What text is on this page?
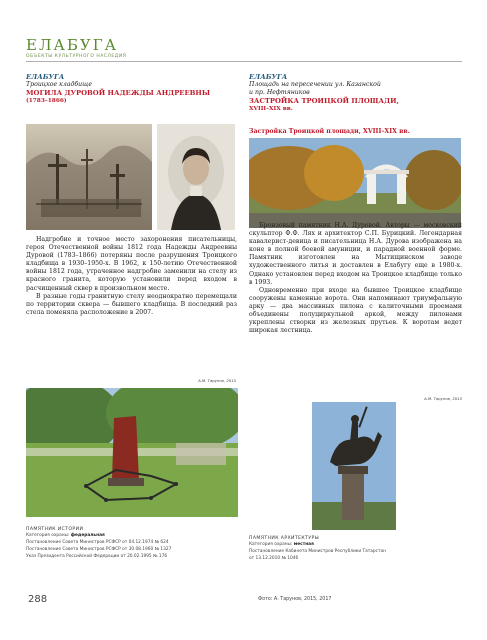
ЕЛАБУГА
ОБЪЕКТЫ КУЛЬТУРНОГО НАСЛЕДИЯ
ЕЛАБУГА
Троицкое кладбище
МОГИЛА ДУРОВОЙ НАДЕЖДЫ АНДРЕЕВНЫ
(1783–1866)
ЕЛАБУГА
Площадь на пересечении ул. Казанской
и пр. Нефтяников
ЗАСТРОЙКА ТРОИЦКОЙ ПЛОЩАДИ,
XVIII–XIX вв.
Застройка Троицкой площади, XVIII–XIX вв.

Надгробие и точное место захоронения писательницы, героя Отечественной войны 1812 года Надежды Андреевны Дуровой (1783–1866) потеряны после разрушения Троицкого кладбища в 1930–1950-х. В 1962, к 150-летию Отечественной войны 1812 года, утраченное надгробие заменили на стелу из красного гранита, которую установили перед входом в расчищенный сквер в произвольном месте.

В разные годы гранитную стелу неоднократно перемещали по территории сквера — бывшего кладбища. В последний раз стела поменяла расположение в 2007.

А.М. Тарунов, 2015

Бронзовый памятник Н.А. Дуровой. Авторы — московский скульптор Ф.Ф. Лях и архитектор С.П. Бурицкий. Легендарная кавалерист-девица и писательница Н.А. Дурова изображена на коне в полной боевой амуниции, и парадной военной форме. Памятник изготовлен на Мытищинском заводе художественного литья и доставлен в Елабугу еще в 1980-х. Однако установлен перед входом на Троицкое кладбище только в 1993.

Одновременно при входе на бывшее Троицкое кладбище сооружены каменные ворота. Они напоминают триумфальную арку — два массивных пилона с калиточными проемами объединены полуциркульной аркой, между пилонами укреплены створки из железных прутьев. К воротам ведет широкая лестница.

А.М. Тарунов, 2015
ПАМЯТНИК ИСТОРИИ
Категория охраны: федеральная
Постановление Совета Министров РСФСР от 04.12.1974 № 624
Постановление Совета Министров РСФСР от 30.08.1960 № 1327
Указ Президента Российской Федерации от 20.02.1995 № 176
ПАМЯТНИК АРХИТЕКТУРЫ
Категория охраны: местная
Постановление Кабинета Министров Республики Татарстан
от 13.12.2010 № 1046
288	Фото: А. Тарунов, 2015, 2017
